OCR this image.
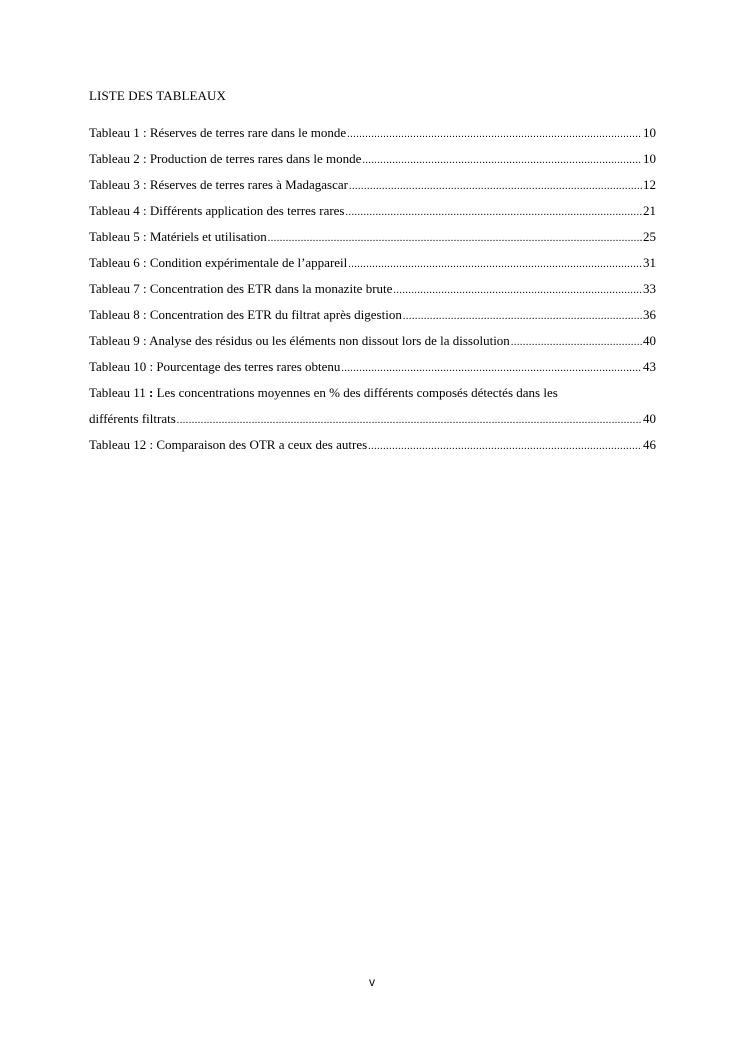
LISTE DES TABLEAUX
Tableau 1 : Réserves de terres rare dans le monde .....	10
Tableau 2 : Production de terres rares dans le monde .....	10
Tableau 3 : Réserves de terres rares à Madagascar .....	12
Tableau 4 : Différents application des terres rares .....	21
Tableau 5 : Matériels et utilisation .....	25
Tableau 6 : Condition expérimentale de l’appareil .....	31
Tableau 7 : Concentration des ETR dans la monazite brute .....	33
Tableau 8 : Concentration des ETR du filtrat après digestion .....	36
Tableau 9 : Analyse des résidus ou les éléments non dissout lors de la dissolution .....	40
Tableau 10 : Pourcentage des terres rares obtenu .....	43
Tableau 11 : Les concentrations moyennes en % des différents composés détectés dans les
différents filtrats .....	40
Tableau 12 : Comparaison des OTR a ceux des autres .....	46
v
